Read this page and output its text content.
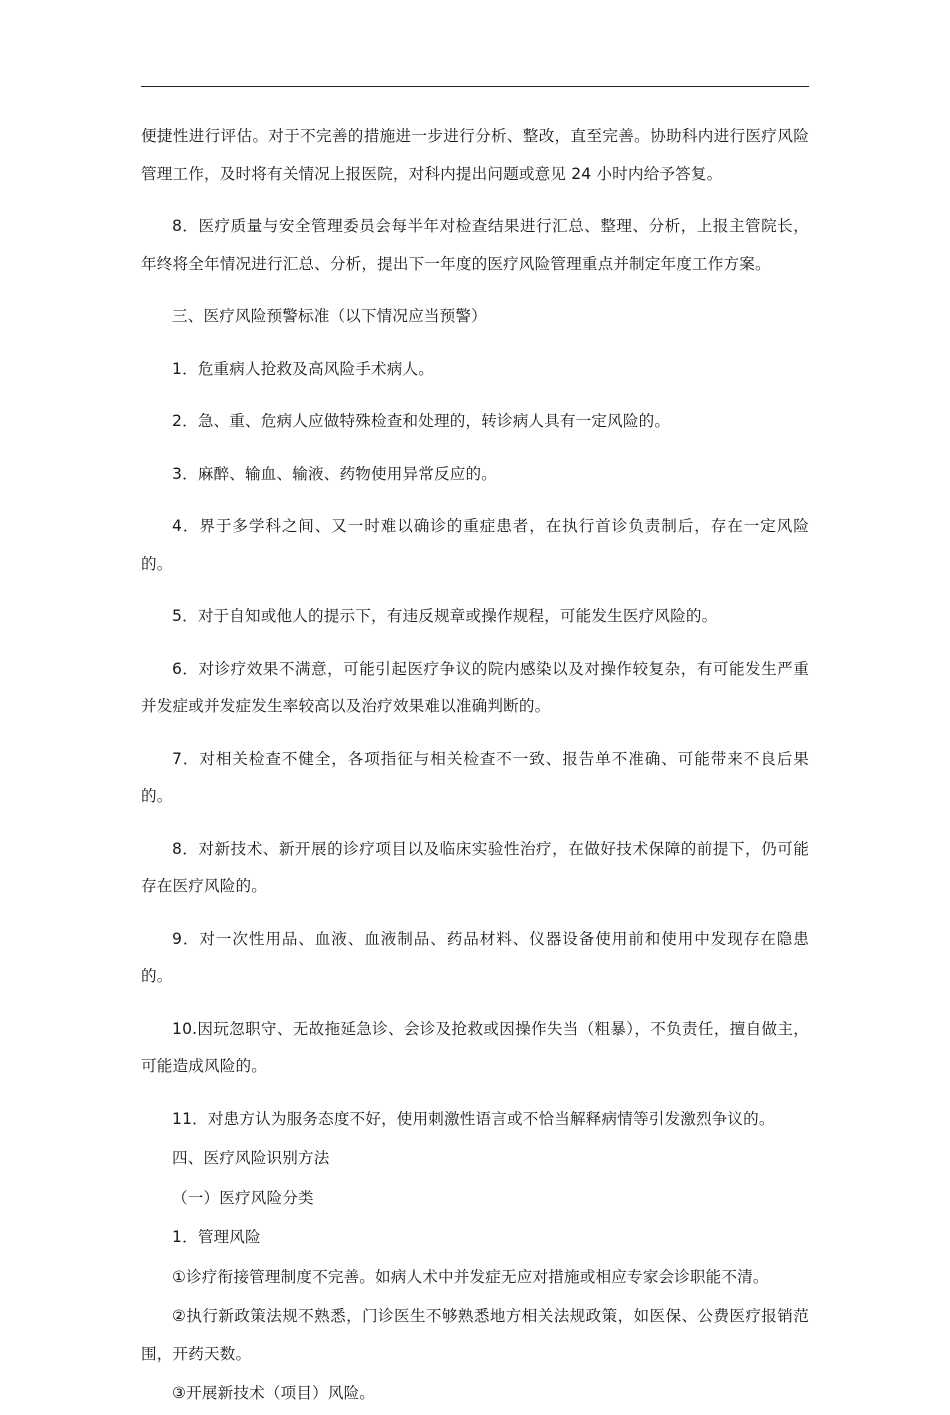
便捷性进行评估。对于不完善的措施进一步进行分析、整改，直至完善。协助科内进行医疗风险管理工作，及时将有关情况上报医院，对科内提出问题或意见 24 小时内给予答复。

8．医疗质量与安全管理委员会每半年对检查结果进行汇总、整理、分析，上报主管院长，年终将全年情况进行汇总、分析，提出下一年度的医疗风险管理重点并制定年度工作方案。

三、医疗风险预警标准（以下情况应当预警）

1．危重病人抢救及高风险手术病人。

2．急、重、危病人应做特殊检查和处理的，转诊病人具有一定风险的。

3．麻醉、输血、输液、药物使用异常反应的。

4．界于多学科之间、又一时难以确诊的重症患者，在执行首诊负责制后，存在一定风险的。

5．对于自知或他人的提示下，有违反规章或操作规程，可能发生医疗风险的。

6．对诊疗效果不满意，可能引起医疗争议的院内感染以及对操作较复杂，有可能发生严重并发症或并发症发生率较高以及治疗效果难以准确判断的。

7．对相关检查不健全，各项指征与相关检查不一致、报告单不准确、可能带来不良后果的。

8．对新技术、新开展的诊疗项目以及临床实验性治疗，在做好技术保障的前提下，仍可能存在医疗风险的。

9．对一次性用品、血液、血液制品、药品材料、仪器设备使用前和使用中发现存在隐患的。

10.因玩忽职守、无故拖延急诊、会诊及抢救或因操作失当（粗暴），不负责任，擅自做主，可能造成风险的。

11．对患方认为服务态度不好，使用刺激性语言或不恰当解释病情等引发激烈争议的。

四、医疗风险识别方法

（一）医疗风险分类

1．管理风险

①诊疗衔接管理制度不完善。如病人术中并发症无应对措施或相应专家会诊职能不清。

②执行新政策法规不熟悉，门诊医生不够熟悉地方相关法规政策，如医保、公费医疗报销范围，开药天数。

③开展新技术（项目）风险。
